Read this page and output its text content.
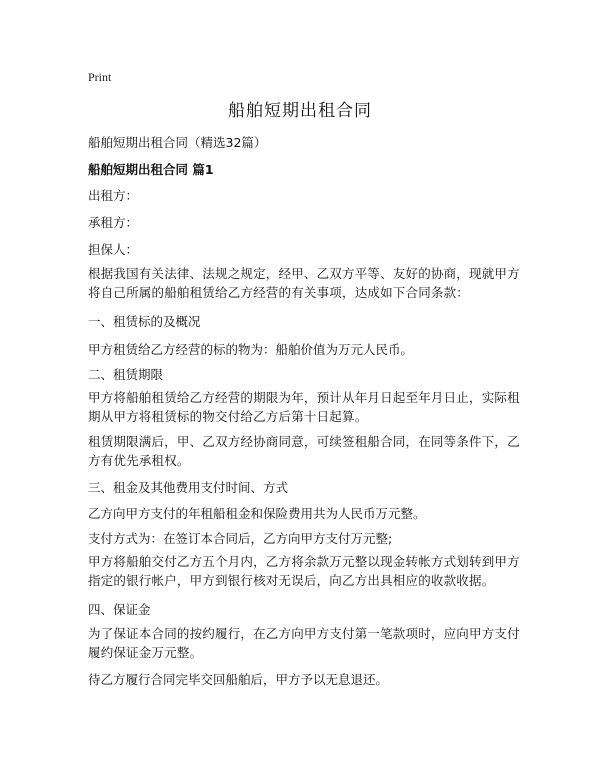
Print
船舶短期出租合同
船舶短期出租合同（精选32篇）
船舶短期出租合同 篇1
出租方：
承租方：
担保人：
根据我国有关法律、法规之规定，经甲、乙双方平等、友好的协商，现就甲方将自己所属的船舶租赁给乙方经营的有关事项，达成如下合同条款：
一、租赁标的及概况
甲方租赁给乙方经营的标的物为：船舶价值为万元人民币。
二、租赁期限
甲方将船舶租赁给乙方经营的期限为年，预计从年月日起至年月日止，实际租期从甲方将租赁标的物交付给乙方后第十日起算。
租赁期限满后，甲、乙双方经协商同意，可续签租船合同，在同等条件下，乙方有优先承租权。
三、租金及其他费用支付时间、方式
乙方向甲方支付的年租船租金和保险费用共为人民币万元整。
支付方式为：在签订本合同后，乙方向甲方支付万元整;
甲方将船舶交付乙方五个月内，乙方将余款万元整以现金转帐方式划转到甲方指定的银行帐户，甲方到银行核对无误后，向乙方出具相应的收款收据。
四、保证金
为了保证本合同的按约履行，在乙方向甲方支付第一笔款项时，应向甲方支付履约保证金万元整。
待乙方履行合同完毕交回船舶后，甲方予以无息退还。
